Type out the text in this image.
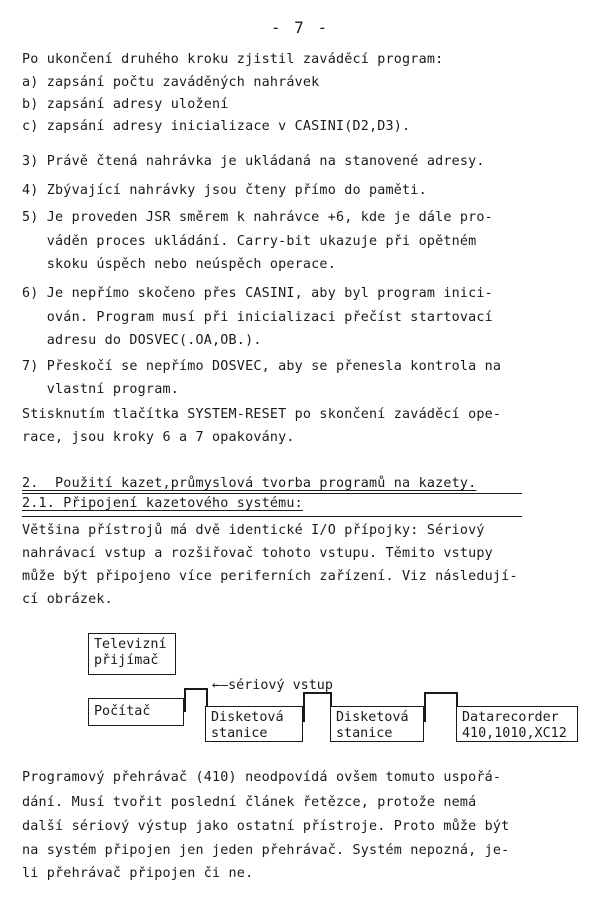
- 7 -
Po ukončení druhého kroku zjistil zaváděcí program:
a) zapsání počtu zaváděných nahrávek
b) zapsání adresy uložení
c) zapsání adresy inicializace v CASINI(D2,D3).
3) Právě čtená nahrávka je ukládaná na stanovené adresy.
4) Zbývající nahrávky jsou čteny přímo do paměti.
5) Je proveden JSR směrem k nahrávce +6, kde je dále pro-
váděn proces ukládání. Carry-bit ukazuje při opětném
skoku úspěch nebo neúspěch operace.
6) Je nepřímo skočeno přes CASINI, aby byl program inici-
ován. Program musí při inicializaci přečíst startovací
adresu do DOSVEC(.OA,OB.).
7) Přeskočí se nepřímo DOSVEC, aby se přenesla kontrola na
vlastní program.
Stisknutím tlačítka SYSTEM-RESET po skončení zaváděcí ope-
race, jsou kroky 6 a 7 opakovány.
2.  Použití kazet,průmyslová tvorba programů na kazety.
2.1. Připojení kazetového systému:
Většina přístrojů má dvě identické I/O přípojky: Sériový
nahrávací vstup a rozšiřovač tohoto vstupu. Těmito vstupy
může být připojeno více periferních zařízení. Viz následují-
cí obrázek.
Televizní
přijímač
Počítač	Disketová
stanice
Disketová
stanice
Datarecorder
410,1010,XC12
←—sériový vstup
Programový přehrávač (410) neodpovídá ovšem tomuto uspořá-
dání. Musí tvořit poslední článek řetězce, protože nemá
další sériový výstup jako ostatní přístroje. Proto může být
na systém připojen jen jeden přehrávač. Systém nepozná, je-
li přehrávač připojen či ne.
